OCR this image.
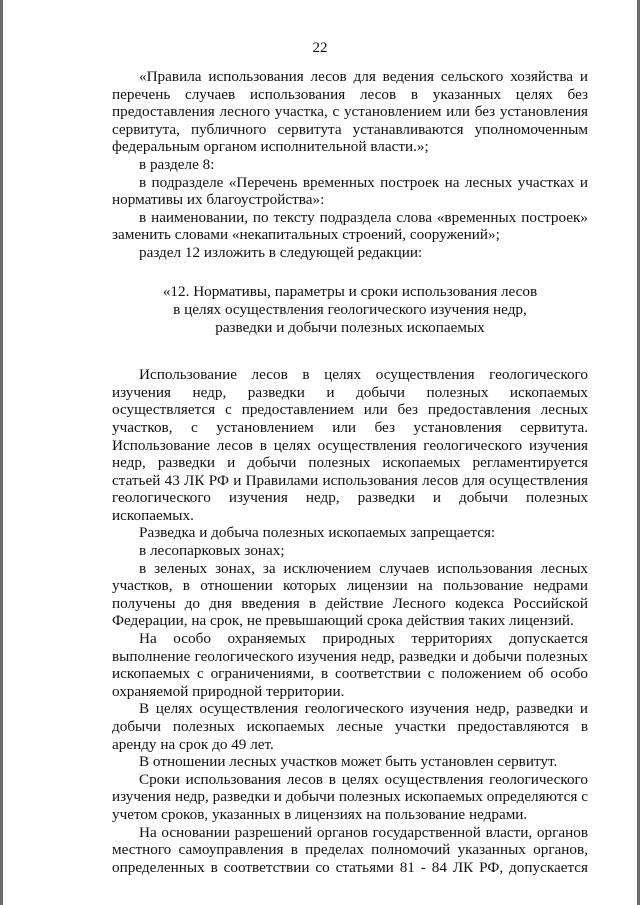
22

«Правила использования лесов для ведения сельского хозяйства и перечень случаев использования лесов в указанных целях без предоставления лесного участка, с установлением или без установления сервитута, публичного сервитута устанавливаются уполномоченным федеральным органом исполнительной власти.»;

в разделе 8:

в подразделе «Перечень временных построек на лесных участках и нормативы их благоустройства»:

в наименовании, по тексту подраздела слова «временных построек» заменить словами «некапитальных строений, сооружений»;

раздел 12 изложить в следующей редакции:

«12. Нормативы, параметры и сроки использования лесов
в целях осуществления геологического изучения недр,
разведки и добычи полезных ископаемых

Использование лесов в целях осуществления геологического изучения недр, разведки и добычи полезных ископаемых осуществляется с предоставлением или без предоставления лесных участков, с установлением или без установления сервитута. Использование лесов в целях осуществления геологического изучения недр, разведки и добычи полезных ископаемых регламентируется статьей 43 ЛК РФ и Правилами использования лесов для осуществления геологического изучения недр, разведки и добычи полезных ископаемых.

Разведка и добыча полезных ископаемых запрещается:

в лесопарковых зонах;

в зеленых зонах, за исключением случаев использования лесных участков, в отношении которых лицензии на пользование недрами получены до дня введения в действие Лесного кодекса Российской Федерации, на срок, не превышающий срока действия таких лицензий.

На особо охраняемых природных территориях допускается выполнение геологического изучения недр, разведки и добычи полезных ископаемых с ограничениями, в соответствии с положением об особо охраняемой природной территории.

В целях осуществления геологического изучения недр, разведки и добычи полезных ископаемых лесные участки предоставляются в аренду на срок до 49 лет.

В отношении лесных участков может быть установлен сервитут.

Сроки использования лесов в целях осуществления геологического изучения недр, разведки и добычи полезных ископаемых определяются с учетом сроков, указанных в лицензиях на пользование недрами.

На основании разрешений органов государственной власти, органов местного самоуправления в пределах полномочий указанных органов, определенных в соответствии со статьями 81 - 84 ЛК РФ, допускается
